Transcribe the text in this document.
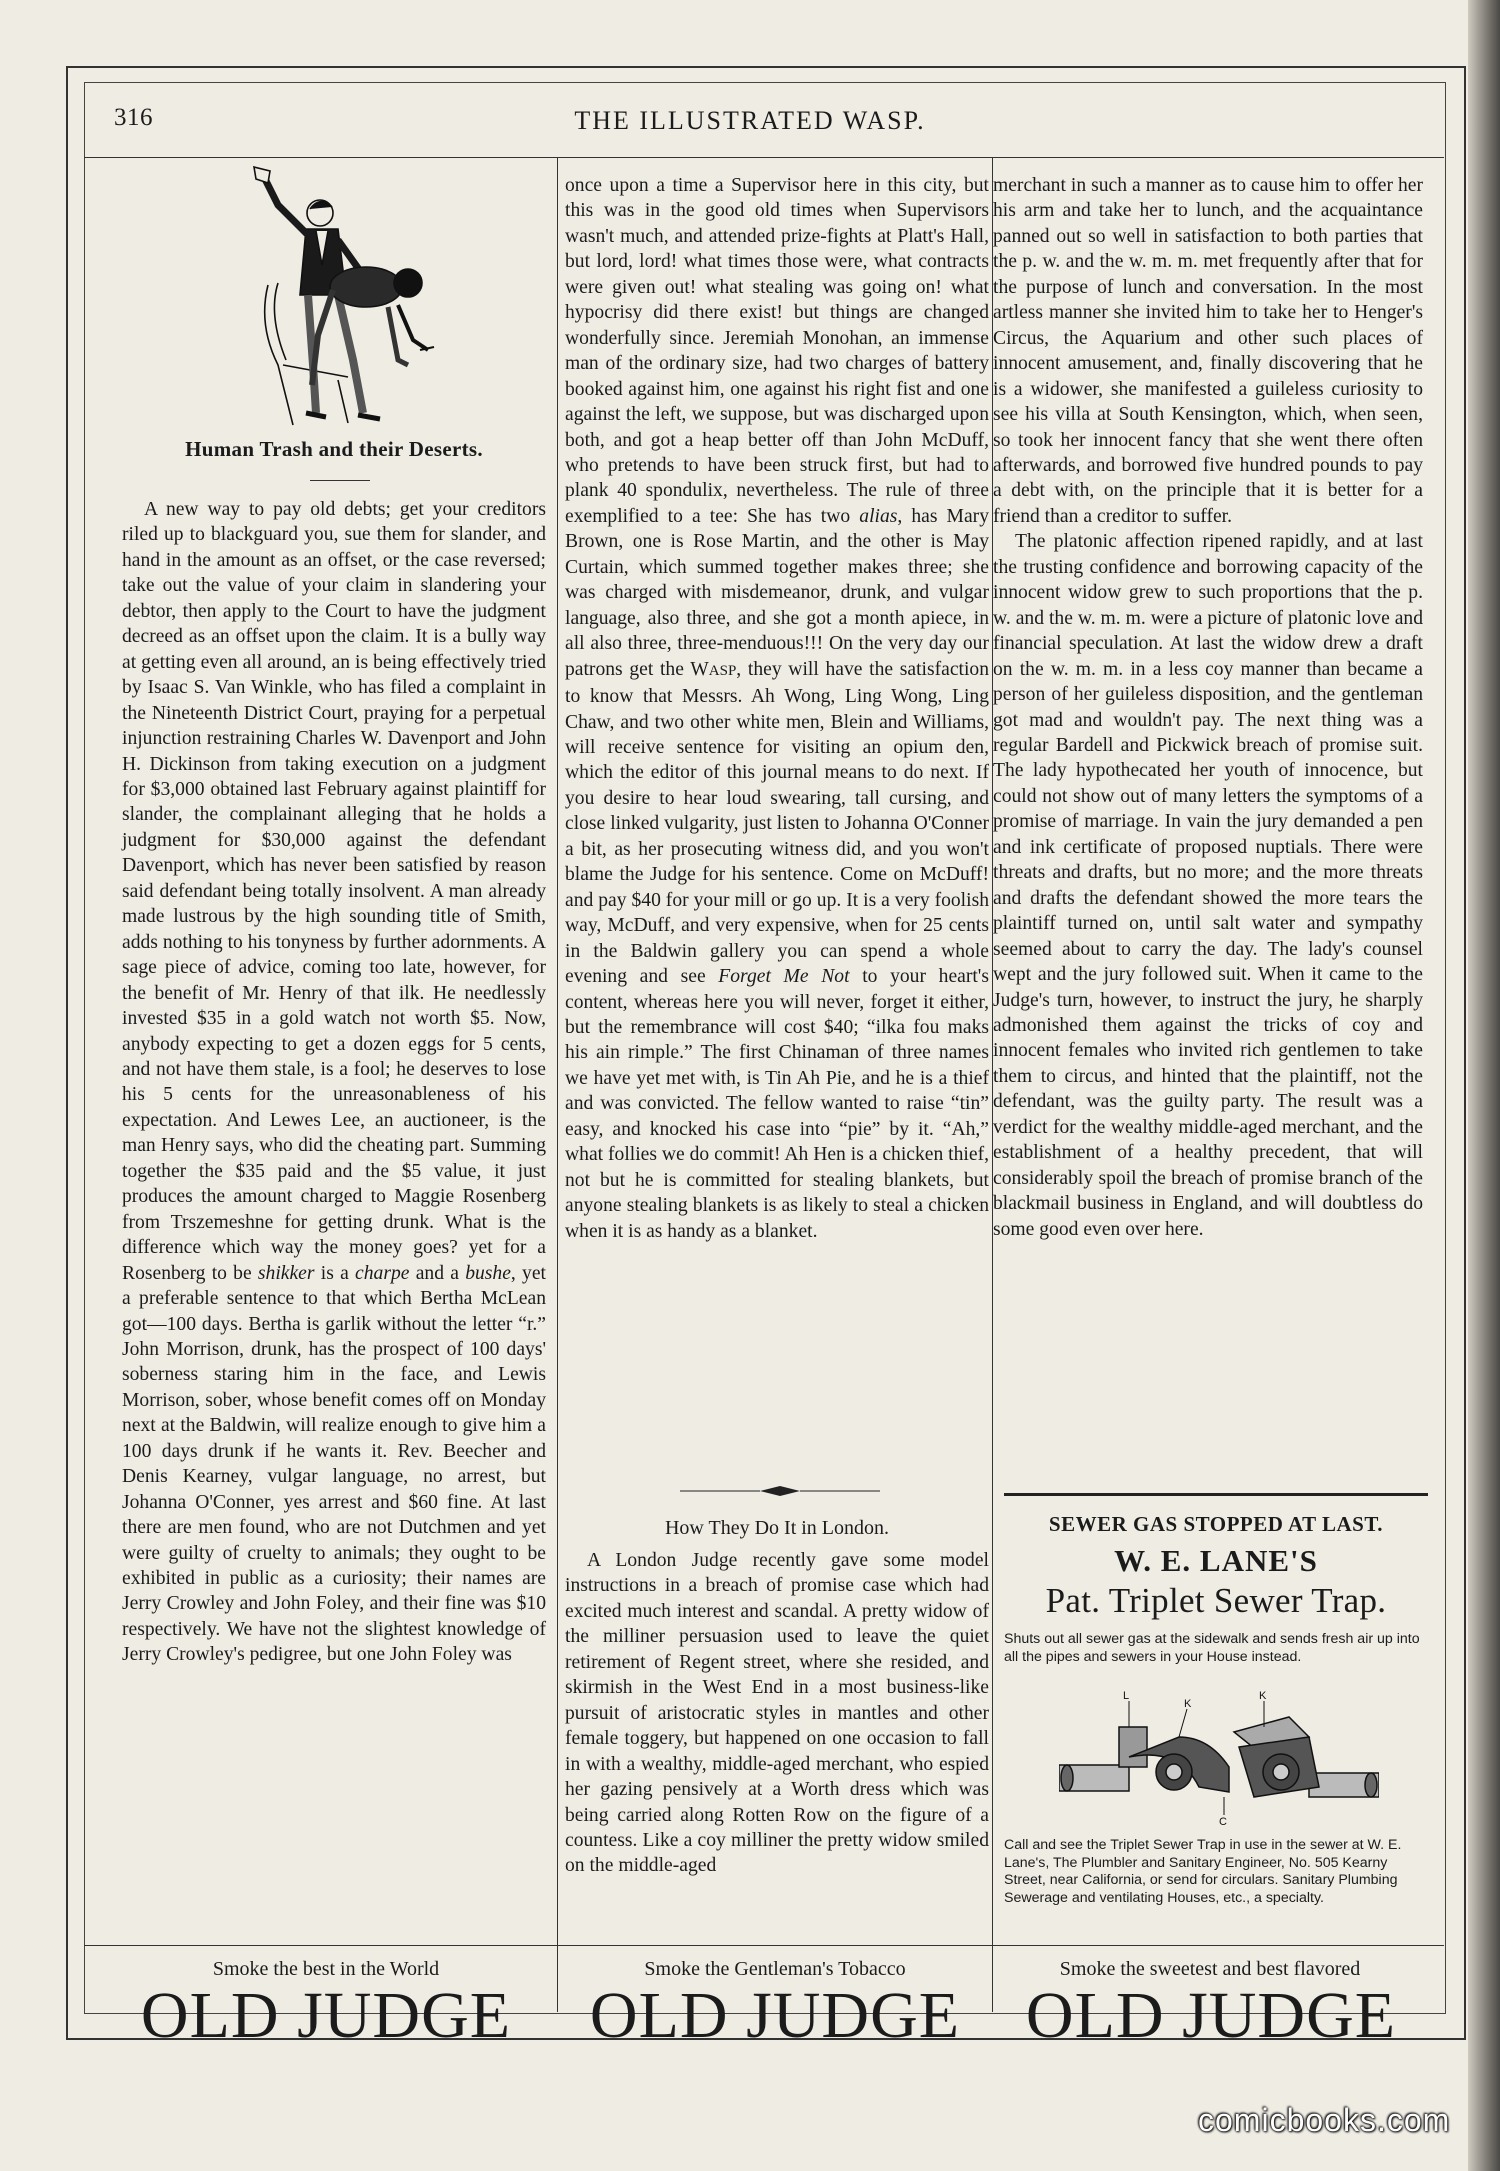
316	THE ILLUSTRATED WASP.
Human Trash and their Deserts.

A new way to pay old debts; get your creditors riled up to blackguard you, sue them for slander, and hand in the amount as an offset, or the case reversed; take out the value of your claim in slandering your debtor, then apply to the Court to have the judgment decreed as an offset upon the claim. It is a bully way at getting even all around, an is being effectively tried by Isaac S. Van Winkle, who has filed a complaint in the Nineteenth District Court, praying for a perpetual injunction restraining Charles W. Davenport and John H. Dickinson from taking execution on a judgment for $3,000 obtained last February against plaintiff for slander, the complainant alleging that he holds a judgment for $30,000 against the defendant Davenport, which has never been satisfied by reason said defendant being totally insolvent. A man already made lustrous by the high sounding title of Smith, adds nothing to his tonyness by further adornments. A sage piece of advice, coming too late, however, for the benefit of Mr. Henry of that ilk. He needlessly invested $35 in a gold watch not worth $5. Now, anybody expecting to get a dozen eggs for 5 cents, and not have them stale, is a fool; he deserves to lose his 5 cents for the unreasonableness of his expectation. And Lewes Lee, an auctioneer, is the man Henry says, who did the cheating part. Summing together the $35 paid and the $5 value, it just produces the amount charged to Maggie Rosenberg from Trszemeshne for getting drunk. What is the difference which way the money goes? yet for a Rosenberg to be shikker is a charpe and a bushe, yet a preferable sentence to that which Bertha McLean got—100 days. Bertha is garlik without the letter “r.” John Morrison, drunk, has the prospect of 100 days' soberness staring him in the face, and Lewis Morrison, sober, whose benefit comes off on Monday next at the Baldwin, will realize enough to give him a 100 days drunk if he wants it. Rev. Beecher and Denis Kearney, vulgar language, no arrest, but Johanna O'Conner, yes arrest and $60 fine. At last there are men found, who are not Dutchmen and yet were guilty of cruelty to animals; they ought to be exhibited in public as a curiosity; their names are Jerry Crowley and John Foley, and their fine was $10 respectively. We have not the slightest knowledge of Jerry Crowley's pedigree, but one John Foley was

once upon a time a Supervisor here in this city, but this was in the good old times when Supervisors wasn't much, and attended prize-fights at Platt's Hall, but lord, lord! what times those were, what contracts were given out! what stealing was going on! what hypocrisy did there exist! but things are changed wonderfully since. Jeremiah Monohan, an immense man of the ordinary size, had two charges of battery booked against him, one against his right fist and one against the left, we suppose, but was discharged upon both, and got a heap better off than John McDuff, who pretends to have been struck first, but had to plank 40 spondulix, nevertheless. The rule of three exemplified to a tee: She has two alias, has Mary Brown, one is Rose Martin, and the other is May Curtain, which summed together makes three; she was charged with misdemeanor, drunk, and vulgar language, also three, and she got a month apiece, in all also three, three-menduous!!! On the very day our patrons get the WASP, they will have the satisfaction to know that Messrs. Ah Wong, Ling Wong, Ling Chaw, and two other white men, Blein and Williams, will receive sentence for visiting an opium den, which the editor of this journal means to do next. If you desire to hear loud swearing, tall cursing, and close linked vulgarity, just listen to Johanna O'Conner a bit, as her prosecuting witness did, and you won't blame the Judge for his sentence. Come on McDuff! and pay $40 for your mill or go up. It is a very foolish way, McDuff, and very expensive, when for 25 cents in the Baldwin gallery you can spend a whole evening and see Forget Me Not to your heart's content, whereas here you will never, forget it either, but the remembrance will cost $40; “ilka fou maks his ain rimple.” The first Chinaman of three names we have yet met with, is Tin Ah Pie, and he is a thief and was convicted. The fellow wanted to raise “tin” easy, and knocked his case into “pie” by it. “Ah,” what follies we do commit! Ah Hen is a chicken thief, not but he is committed for stealing blankets, but anyone stealing blankets is as likely to steal a chicken when it is as handy as a blanket.

How They Do It in London.

A London Judge recently gave some model instructions in a breach of promise case which had excited much interest and scandal. A pretty widow of the milliner persuasion used to leave the quiet retirement of Regent street, where she resided, and skirmish in the West End in a most business-like pursuit of aristocratic styles in mantles and other female toggery, but happened on one occasion to fall in with a wealthy, middle-aged merchant, who espied her gazing pensively at a Worth dress which was being carried along Rotten Row on the figure of a countess. Like a coy milliner the pretty widow smiled on the middle-aged

merchant in such a manner as to cause him to offer her his arm and take her to lunch, and the acquaintance panned out so well in satisfaction to both parties that the p. w. and the w. m. m. met frequently after that for the purpose of lunch and conversation. In the most artless manner she invited him to take her to Henger's Circus, the Aquarium and other such places of innocent amusement, and, finally discovering that he is a widower, she manifested a guileless curiosity to see his villa at South Kensington, which, when seen, so took her innocent fancy that she went there often afterwards, and borrowed five hundred pounds to pay a debt with, on the principle that it is better for a friend than a creditor to suffer.

The platonic affection ripened rapidly, and at last the trusting confidence and borrowing capacity of the innocent widow grew to such proportions that the p. w. and the w. m. m. were a picture of platonic love and financial speculation. At last the widow drew a draft on the w. m. m. in a less coy manner than became a person of her guileless disposition, and the gentleman got mad and wouldn't pay. The next thing was a regular Bardell and Pickwick breach of promise suit. The lady hypothecated her youth of innocence, but could not show out of many letters the symptoms of a promise of marriage. In vain the jury demanded a pen and ink certificate of proposed nuptials. There were threats and drafts, but no more; and the more threats and drafts the defendant showed the more tears the plaintiff turned on, until salt water and sympathy seemed about to carry the day. The lady's counsel wept and the jury followed suit. When it came to the Judge's turn, however, to instruct the jury, he sharply admonished them against the tricks of coy and innocent females who invited rich gentlemen to take them to circus, and hinted that the plaintiff, not the defendant, was the guilty party. The result was a verdict for the wealthy middle-aged merchant, and the establishment of a healthy precedent, that will considerably spoil the breach of promise branch of the blackmail business in England, and will doubtless do some good even over here.

SEWER GAS STOPPED AT LAST.
W. E. LANE'S
Pat. Triplet Sewer Trap.

Shuts out all sewer gas at the sidewalk and sends fresh air up into all the pipes and sewers in your House instead.

L
K
K
C

Call and see the Triplet Sewer Trap in use in the sewer at W. E. Lane's, The Plumbler and Sanitary Engineer, No. 505 Kearny Street, near California, or send for circulars. Sanitary Plumbing Sewerage and ventilating Houses, etc., a specialty.

Smoke the best in the World
OLD JUDGE
Smoke the Gentleman's Tobacco
OLD JUDGE
Smoke the sweetest and best flavored
OLD JUDGE
comicbooks.com
